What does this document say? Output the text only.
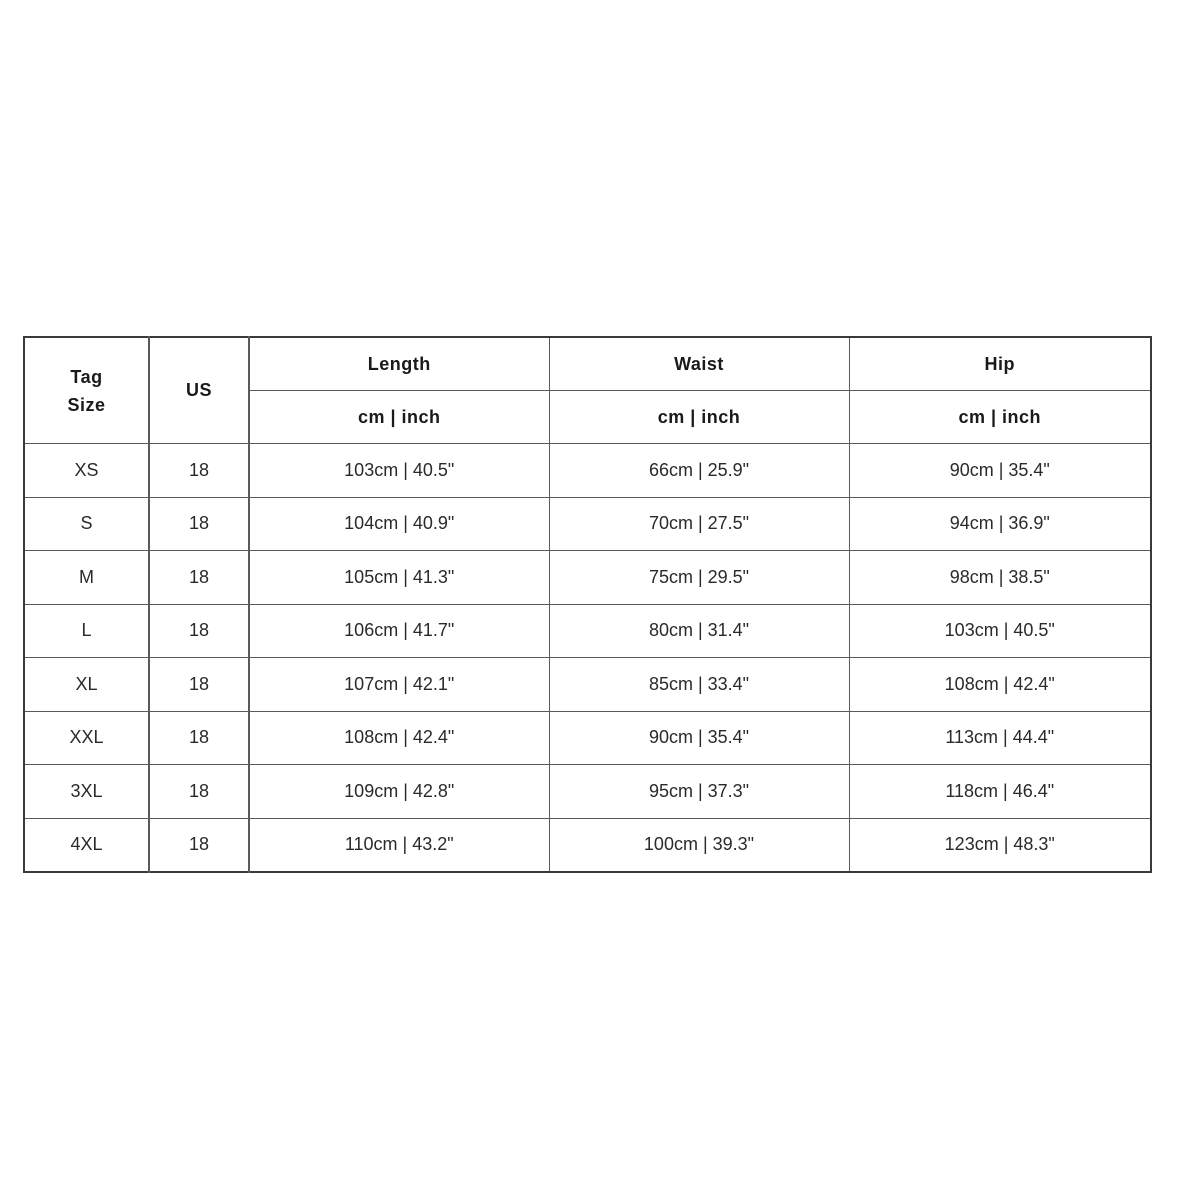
Tag
Size	US	Length	Waist	Hip
		cm | inch	cm | inch	cm | inch
XS	18	103cm | 40.5"	66cm | 25.9"	90cm | 35.4"
S	18	104cm | 40.9"	70cm | 27.5"	94cm | 36.9"
M	18	105cm | 41.3"	75cm | 29.5"	98cm | 38.5"
L	18	106cm | 41.7"	80cm | 31.4"	103cm | 40.5"
XL	18	107cm | 42.1"	85cm | 33.4"	108cm | 42.4"
XXL	18	108cm | 42.4"	90cm | 35.4"	113cm | 44.4"
3XL	18	109cm | 42.8"	95cm | 37.3"	118cm | 46.4"
4XL	18	110cm | 43.2"	100cm | 39.3"	123cm | 48.3"
